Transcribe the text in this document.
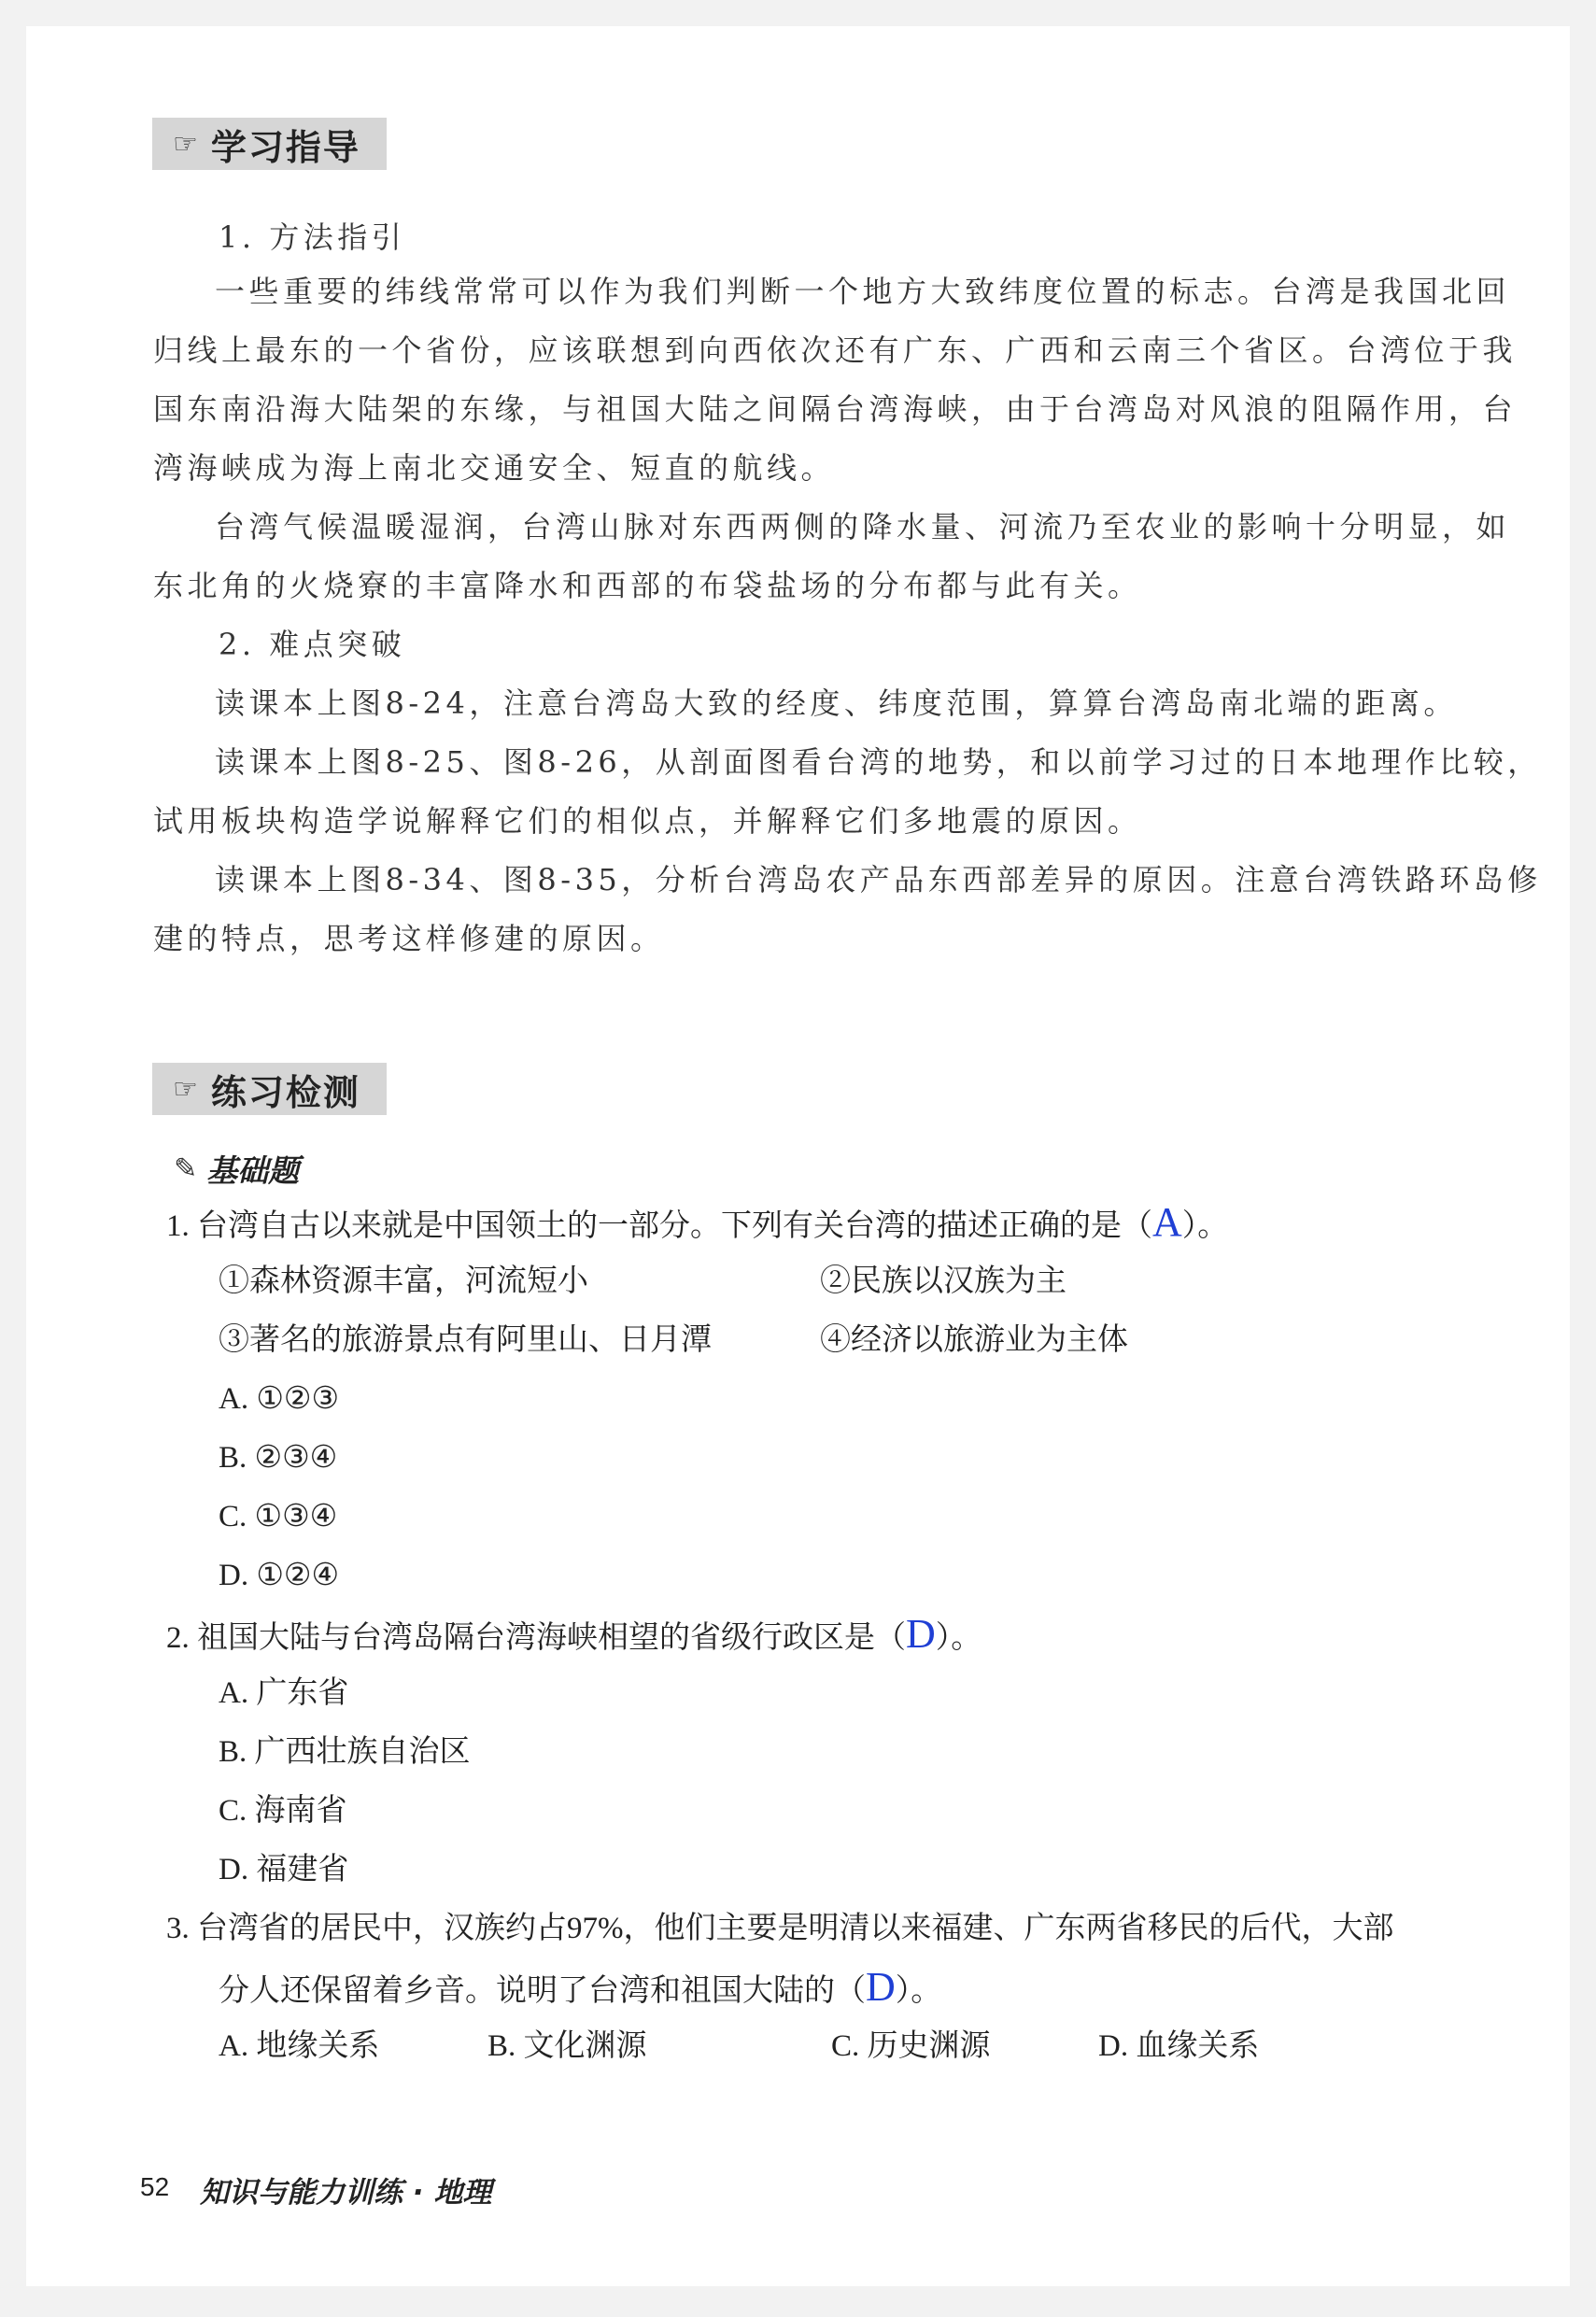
☞ 学习指导
1. 方法指引
一些重要的纬线常常可以作为我们判断一个地方大致纬度位置的标志。台湾是我国北回
归线上最东的一个省份，应该联想到向西依次还有广东、广西和云南三个省区。台湾位于我
国东南沿海大陆架的东缘，与祖国大陆之间隔台湾海峡，由于台湾岛对风浪的阻隔作用，台
湾海峡成为海上南北交通安全、短直的航线。
台湾气候温暖湿润，台湾山脉对东西两侧的降水量、河流乃至农业的影响十分明显，如
东北角的火烧寮的丰富降水和西部的布袋盐场的分布都与此有关。
2. 难点突破
读课本上图8-24，注意台湾岛大致的经度、纬度范围，算算台湾岛南北端的距离。
读课本上图8-25、图8-26，从剖面图看台湾的地势，和以前学习过的日本地理作比较，
试用板块构造学说解释它们的相似点，并解释它们多地震的原因。
读课本上图8-34、图8-35，分析台湾岛农产品东西部差异的原因。注意台湾铁路环岛修
建的特点，思考这样修建的原因。
☞ 练习检测
✎ 基础题
1. 台湾自古以来就是中国领土的一部分。下列有关台湾的描述正确的是（A）。
①森林资源丰富，河流短小	②民族以汉族为主
③著名的旅游景点有阿里山、日月潭	④经济以旅游业为主体
A. ①②③
B. ②③④
C. ①③④
D. ①②④
2. 祖国大陆与台湾岛隔台湾海峡相望的省级行政区是（D）。
A. 广东省
B. 广西壮族自治区
C. 海南省
D. 福建省
3. 台湾省的居民中，汉族约占97%，他们主要是明清以来福建、广东两省移民的后代，大部
分人还保留着乡音。说明了台湾和祖国大陆的（D）。
A. 地缘关系	B. 文化渊源	C. 历史渊源	D. 血缘关系
52 知识与能力训练 · 地理
